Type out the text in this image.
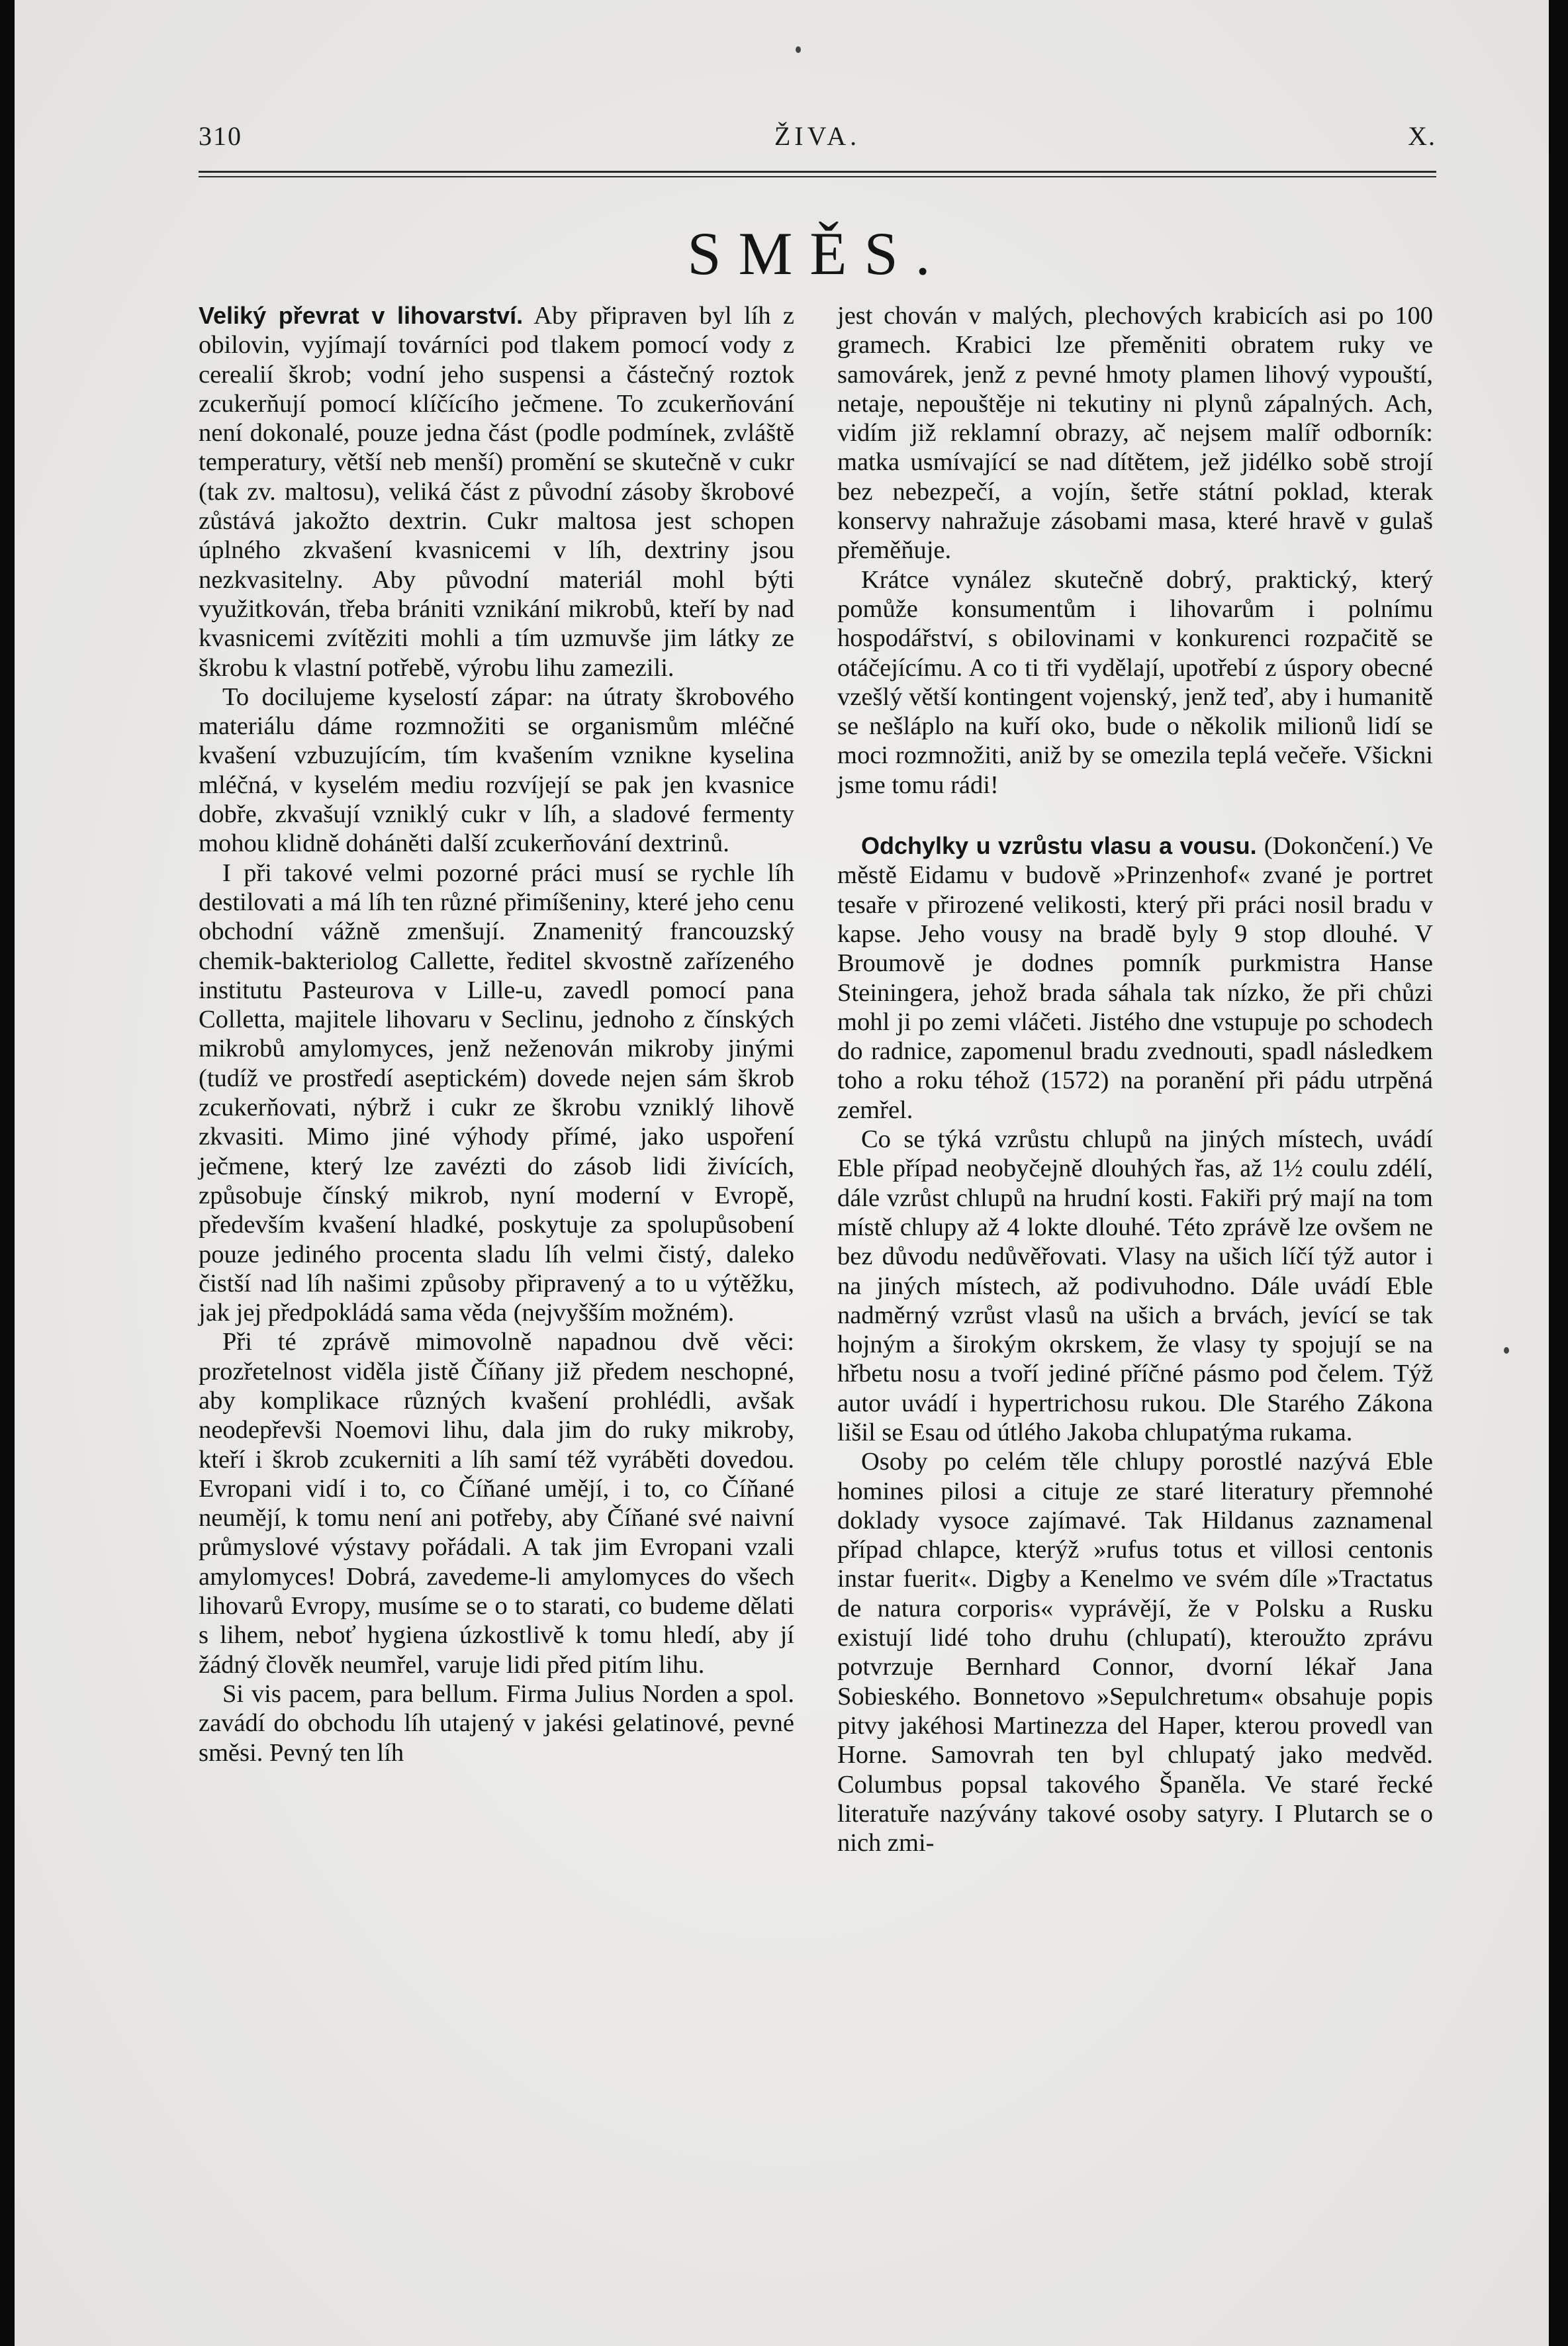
310	ŽIVA.	X.
SMĚS.

Veliký převrat v lihovarství. Aby připraven byl líh z obilovin, vyjímají továrníci pod tlakem pomocí vody z cerealií škrob; vodní jeho suspensi a částečný roztok zcukerňují pomocí klíčícího ječmene. To zcukerňování není dokonalé, pouze jedna část (podle podmínek, zvláště temperatury, větší neb menší) promění se skutečně v cukr (tak zv. maltosu), veliká část z původní zásoby škrobové zůstává jakožto dextrin. Cukr maltosa jest schopen úplného zkvašení kvasnicemi v líh, dextriny jsou nezkvasitelny. Aby původní materiál mohl býti využitkován, třeba brániti vznikání mikrobů, kteří by nad kvasnicemi zvítěziti mohli a tím uzmuvše jim látky ze škrobu k vlastní potřebě, výrobu lihu zamezili.

To docilujeme kyselostí zápar: na útraty škrobového materiálu dáme rozmnožiti se organismům mléčné kvašení vzbuzujícím, tím kvašením vznikne kyselina mléčná, v kyselém mediu rozvíjejí se pak jen kvasnice dobře, zkvašují vzniklý cukr v líh, a sladové fermenty mohou klidně doháněti další zcukerňování dextrinů.

I při takové velmi pozorné práci musí se rychle líh destilovati a má líh ten různé přimíšeniny, které jeho cenu obchodní vážně zmenšují. Znamenitý francouzský chemik-bakteriolog Callette, ředitel skvostně zařízeného institutu Pasteurova v Lille-u, zavedl pomocí pana Colletta, majitele lihovaru v Seclinu, jednoho z čínských mikrobů amylomyces, jenž neženován mikroby jinými (tudíž ve prostředí aseptickém) dovede nejen sám škrob zcukerňovati, nýbrž i cukr ze škrobu vzniklý lihově zkvasiti. Mimo jiné výhody přímé, jako uspoření ječmene, který lze zavézti do zásob lidi živících, způsobuje čínský mikrob, nyní moderní v Evropě, především kvašení hladké, poskytuje za spolupůsobení pouze jediného procenta sladu líh velmi čistý, daleko čistší nad líh našimi způsoby připravený a to u výtěžku, jak jej předpokládá sama věda (nejvyšším možném).

Při té zprávě mimovolně napadnou dvě věci: prozřetelnost viděla jistě Číňany již předem neschopné, aby komplikace různých kvašení prohlédli, avšak neodepřevši Noemovi lihu, dala jim do ruky mikroby, kteří i škrob zcukerniti a líh samí též vyráběti dovedou. Evropani vidí i to, co Číňané umějí, i to, co Číňané neumějí, k tomu není ani potřeby, aby Číňané své naivní průmyslové výstavy pořádali. A tak jim Evropani vzali amylomyces! Dobrá, zavedeme-li amylomyces do všech lihovarů Evropy, musíme se o to starati, co budeme dělati s lihem, neboť hygiena úzkostlivě k tomu hledí, aby jí žádný člověk neumřel, varuje lidi před pitím lihu.

Si vis pacem, para bellum. Firma Julius Norden a spol. zavádí do obchodu líh utajený v jakési gelatinové, pevné směsi. Pevný ten líh

jest chován v malých, plechových krabicích asi po 100 gramech. Krabici lze přeměniti obratem ruky ve samovárek, jenž z pevné hmoty plamen lihový vypouští, netaje, nepouštěje ni tekutiny ni plynů zápalných. Ach, vidím již reklamní obrazy, ač nejsem malíř odborník: matka usmívající se nad dítětem, jež jidélko sobě strojí bez nebezpečí, a vojín, šetře státní poklad, kterak konservy nahražuje zásobami masa, které hravě v gulaš přeměňuje.

Krátce vynález skutečně dobrý, praktický, který pomůže konsumentům i lihovarům i polnímu hospodářství, s obilovinami v konkurenci rozpačitě se otáčejícímu. A co ti tři vydělají, upotřebí z úspory obecné vzešlý větší kontingent vojenský, jenž teď, aby i humanitě se nešláplo na kuří oko, bude o několik milionů lidí se moci rozmnožiti, aniž by se omezila teplá večeře. Všickni jsme tomu rádi!

Odchylky u vzrůstu vlasu a vousu. (Dokončení.) Ve městě Eidamu v budově »Prinzenhof« zvané je portret tesaře v přirozené velikosti, který při práci nosil bradu v kapse. Jeho vousy na bradě byly 9 stop dlouhé. V Broumově je dodnes pomník purkmistra Hanse Steiningera, jehož brada sáhala tak nízko, že při chůzi mohl ji po zemi vláčeti. Jistého dne vstupuje po schodech do radnice, zapomenul bradu zvednouti, spadl následkem toho a roku téhož (1572) na poranění při pádu utrpěná zemřel.

Co se týká vzrůstu chlupů na jiných místech, uvádí Eble případ neobyčejně dlouhých řas, až 1½ coulu zdélí, dále vzrůst chlupů na hrudní kosti. Fakiři prý mají na tom místě chlupy až 4 lokte dlouhé. Této zprávě lze ovšem ne bez důvodu nedůvěřovati. Vlasy na ušich líčí týž autor i na jiných místech, až podivuhodno. Dále uvádí Eble nadměrný vzrůst vlasů na ušich a brvách, jevící se tak hojným a širokým okrskem, že vlasy ty spojují se na hřbetu nosu a tvoří jediné příčné pásmo pod čelem. Týž autor uvádí i hypertrichosu rukou. Dle Starého Zákona lišil se Esau od útlého Jakoba chlupatýma rukama.

Osoby po celém těle chlupy porostlé nazývá Eble homines pilosi a cituje ze staré literatury přemnohé doklady vysoce zajímavé. Tak Hildanus zaznamenal případ chlapce, kterýž »rufus totus et villosi centonis instar fuerit«. Digby a Kenelmo ve svém díle »Tractatus de natura corporis« vyprávějí, že v Polsku a Rusku existují lidé toho druhu (chlupatí), kteroužto zprávu potvrzuje Bernhard Connor, dvorní lékař Jana Sobieského. Bonnetovo »Sepulchretum« obsahuje popis pitvy jakéhosi Martinezza del Haper, kterou provedl van Horne. Samovrah ten byl chlupatý jako medvěd. Columbus popsal takového Španěla. Ve staré řecké literatuře nazývány takové osoby satyry. I Plutarch se o nich zmi-
